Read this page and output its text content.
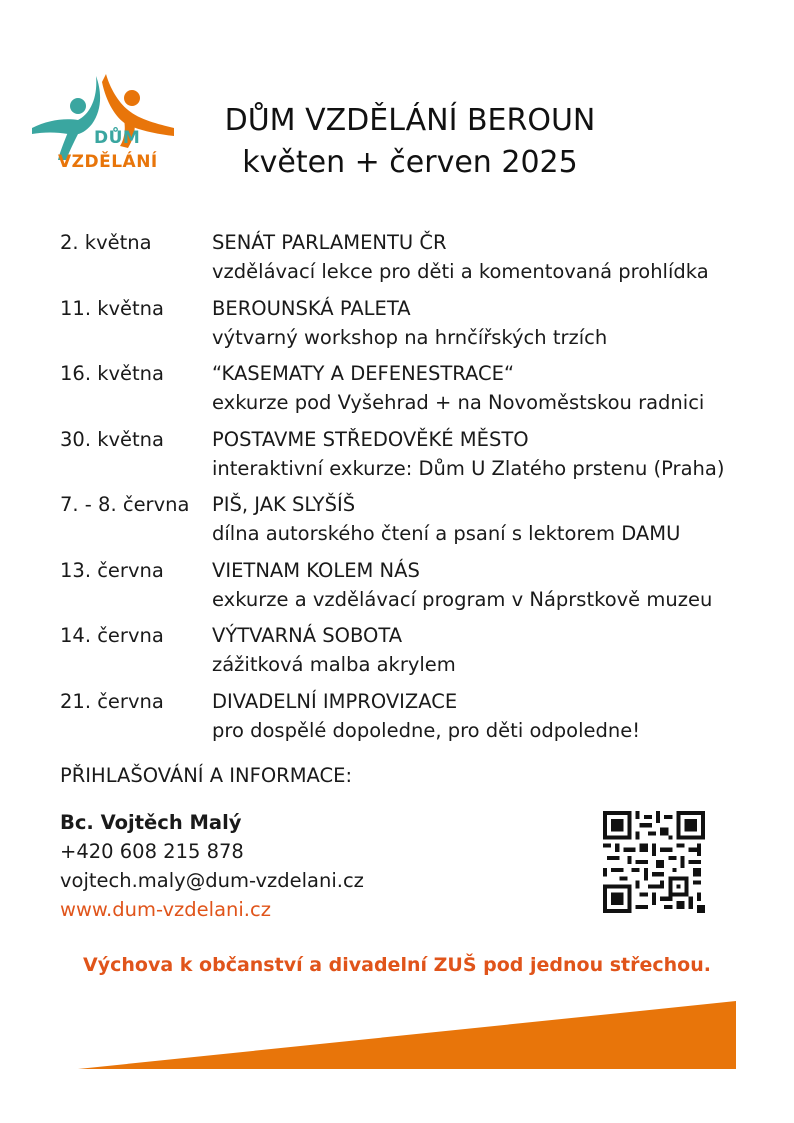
DŮM
VZDĚLÁNÍ
DŮM VZDĚLÁNÍ BEROUN
květen + červen 2025
2. května	SENÁT PARLAMENTU ČR
vzdělávací lekce pro děti a komentovaná prohlídka
11. května BEROUNSKÁ PALETA
výtvarný workshop na hrnčířských trzích
16. května “KASEMATY A DEFENESTRACE“
exkurze pod Vyšehrad + na Novoměstskou radnici
30. května POSTAVME STŘEDOVĚKÉ MĚSTO
interaktivní exkurze: Dům U Zlatého prstenu (Praha)
7. - 8. června PIŠ, JAK SLYŠÍŠ
dílna autorského čtení a psaní s lektorem DAMU
13. června VIETNAM KOLEM NÁS
exkurze a vzdělávací program v Náprstkově muzeu
14. června VÝTVARNÁ SOBOTA
zážitková malba akrylem
21. června DIVADELNÍ IMPROVIZACE
pro dospělé dopoledne, pro děti odpoledne!
PŘIHLAŠOVÁNÍ A INFORMACE:
Bc. Vojtěch Malý
+420 608 215 878
vojtech.maly@dum-vzdelani.cz
www.dum-vzdelani.cz
Výchova k občanství a divadelní ZUŠ pod jednou střechou.
